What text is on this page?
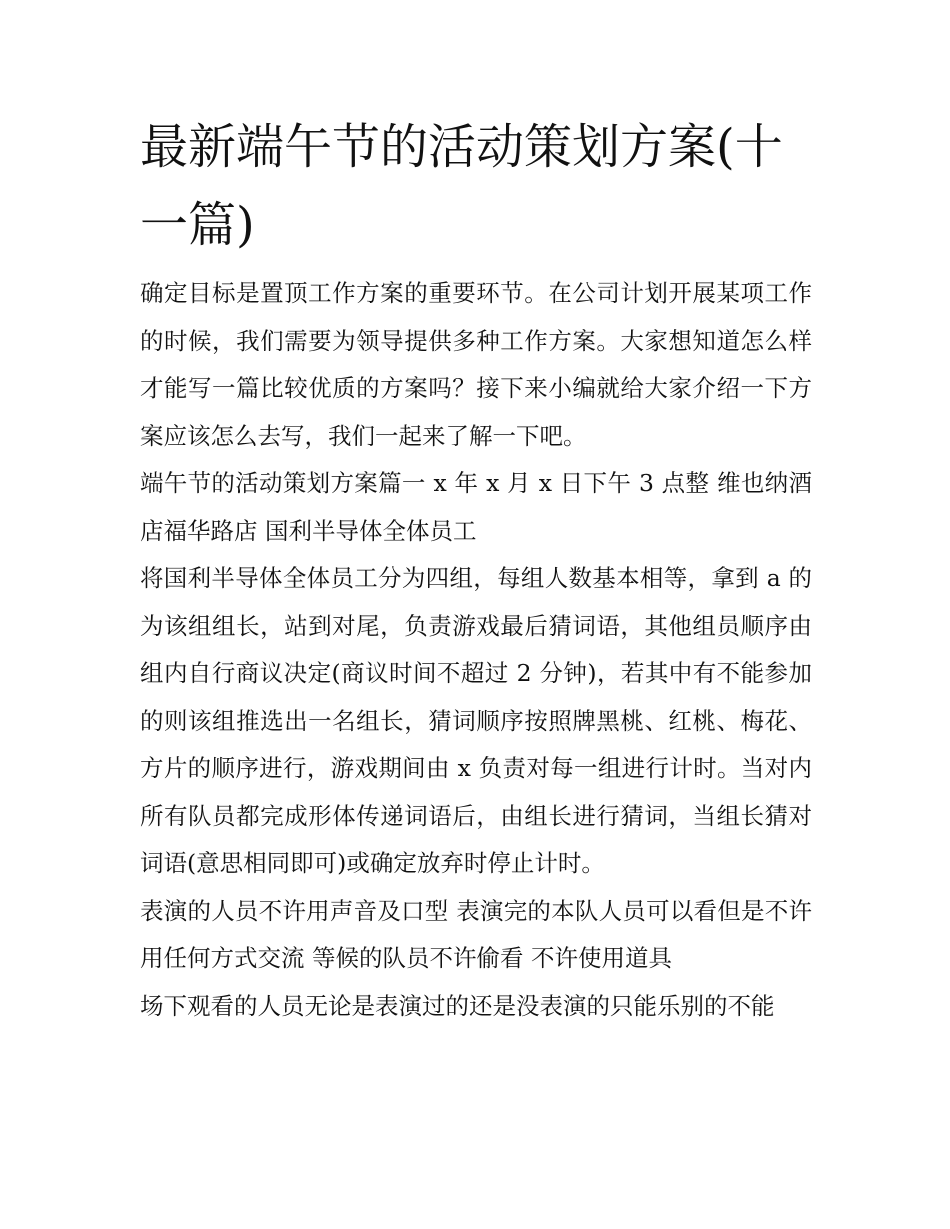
最新端午节的活动策划方案(十一篇)

确定目标是置顶工作方案的重要环节。在公司计划开展某项工作的时候，我们需要为领导提供多种工作方案。大家想知道怎么样才能写一篇比较优质的方案吗？接下来小编就给大家介绍一下方案应该怎么去写，我们一起来了解一下吧。

端午节的活动策划方案篇一 x 年 x 月 x 日下午 3 点整 维也纳酒店福华路店 国利半导体全体员工

将国利半导体全体员工分为四组，每组人数基本相等，拿到 a 的为该组组长，站到对尾，负责游戏最后猜词语，其他组员顺序由组内自行商议决定(商议时间不超过 2 分钟)，若其中有不能参加的则该组推选出一名组长，猜词顺序按照牌黑桃、红桃、梅花、方片的顺序进行，游戏期间由 x 负责对每一组进行计时。当对内所有队员都完成形体传递词语后，由组长进行猜词，当组长猜对词语(意思相同即可)或确定放弃时停止计时。

表演的人员不许用声音及口型 表演完的本队人员可以看但是不许用任何方式交流 等候的队员不许偷看 不许使用道具

场下观看的人员无论是表演过的还是没表演的只能乐别的不能
